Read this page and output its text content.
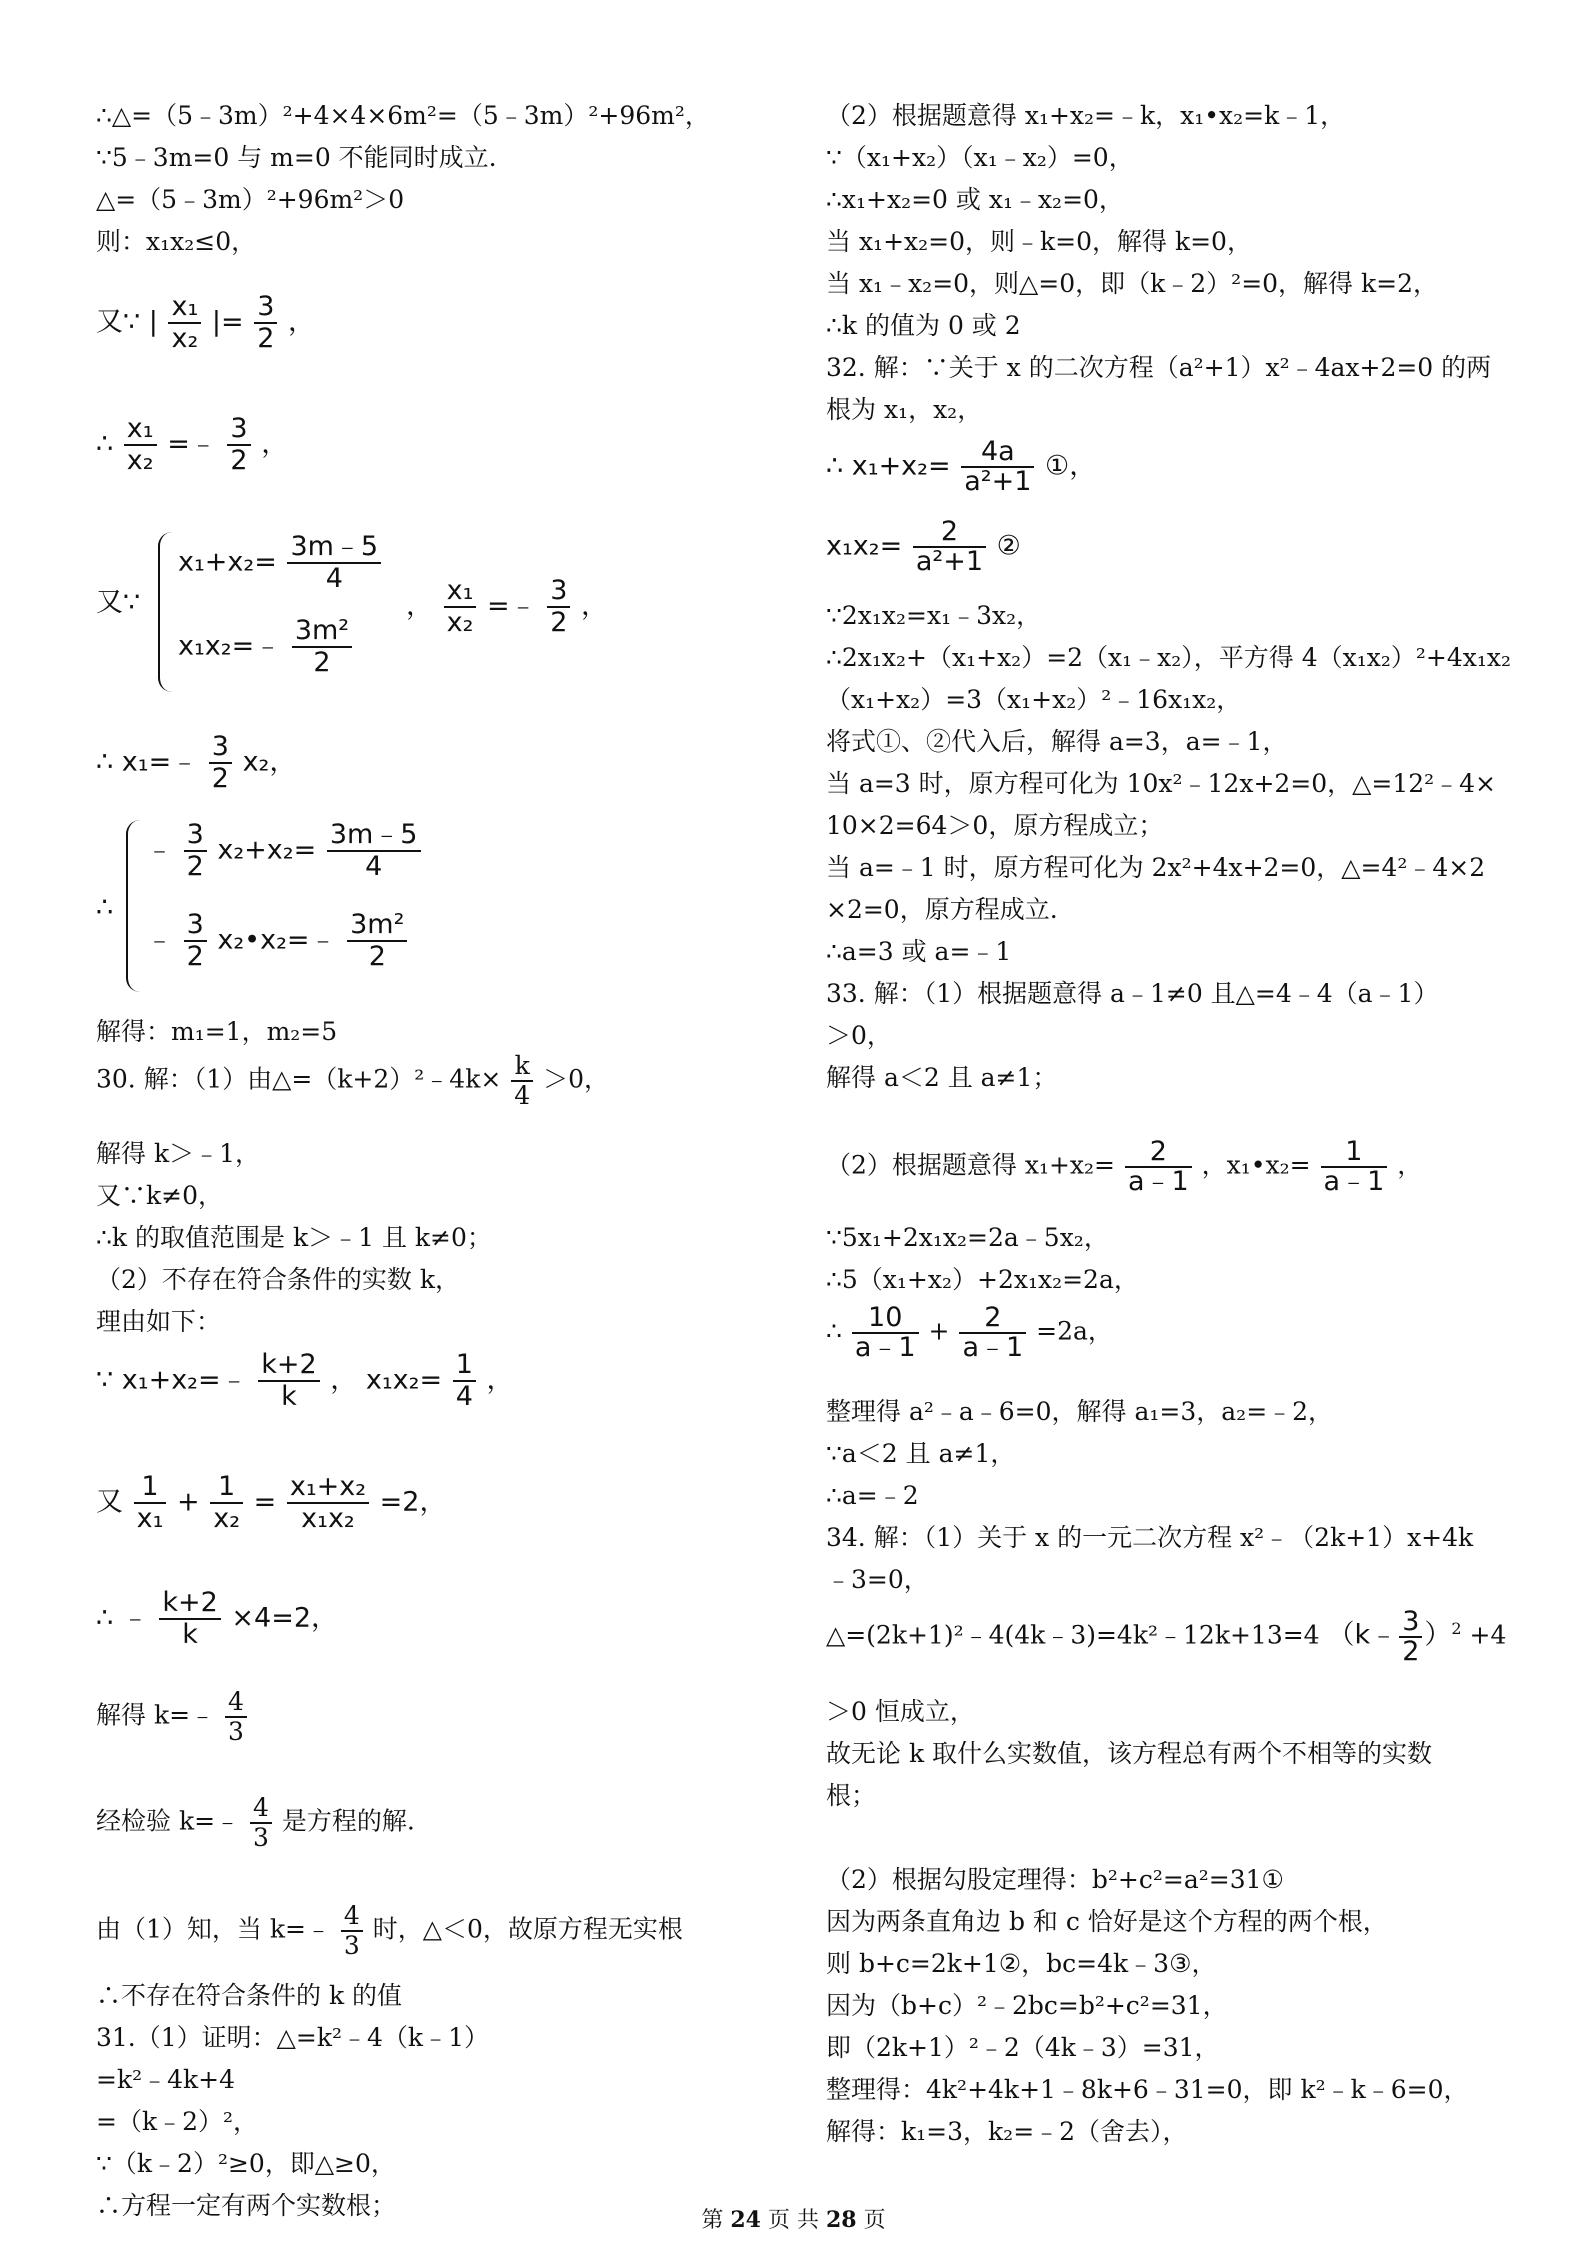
∴△=（5﹣3m）²+4×4×6m²=（5﹣3m）²+96m²，
∵5﹣3m=0 与 m=0 不能同时成立.
△=（5﹣3m）²+96m²＞0
则：x₁x₂≤0，
又∵ | $\frac{\text{x₁}}{\text{x₂}}$ |= $\frac{3}{2}$ ，
∴ $\frac{\text{x₁}}{\text{x₂}}$ =﹣ $\frac{3}{2}$ ，
又∵
$x_1+x_2= \frac{3m﹣5}{4}$
x₁x₂=﹣ $\frac{\text{3m²}}{2}$
， $\frac{\text{x₁}}{\text{x₂}}$ =﹣ $\frac{3}{2}$ ，
∴ x₁=﹣ $\frac{3}{2} x_2$，
∴
﹣ $\frac{3}{2} x_2+x_2= \frac{3m﹣5}{4}$
﹣ $\frac{3}{2}$ x₂•x₂=﹣ $\frac{\text{3m²}}{2}$
解得：m₁=1，m₂=5
30. 解：（1）由△=（k+2）²﹣4k× $\frac{k}{4} >0$，
解得 k＞﹣1，
又∵k≠0，
∴k 的取值范围是 k＞﹣1 且 k≠0；
（2）不存在符合条件的实数 k，
理由如下：
∵ x₁+x₂=﹣ $\frac{k+2}{k}$ ， $x_1x_2= \frac{1}{4}$ ，
又 $\frac{1}{\text{x₁}} + \frac{1}{\text{x₂}} = \frac{\text{x₁+x₂}}{\text{x₁x₂}} =2$，
∴ ﹣ $\frac{k+2}{k} \times 4=2$，
解得 k=﹣ $\frac{4}{3}$
经检验 k=﹣ $\frac{4}{3}$ 是方程的解.
由（1）知，当 k=﹣ $\frac{4}{3}$ 时，△＜0，故原方程无实根
∴不存在符合条件的 k 的值
31.（1）证明：△=k²﹣4（k﹣1）
=k²﹣4k+4
=（k﹣2）²，
∵（k﹣2）²≥0，即△≥0，
∴方程一定有两个实数根；
（2）根据题意得 x₁+x₂=﹣k，x₁•x₂=k﹣1，
∵（x₁+x₂）（x₁﹣x₂）=0，
∴x₁+x₂=0 或 x₁﹣x₂=0，
当 x₁+x₂=0，则﹣k=0，解得 k=0，
当 x₁﹣x₂=0，则△=0，即（k﹣2）²=0，解得 k=2，
∴k 的值为 0 或 2
32. 解：∵关于 x 的二次方程（a²+1）x²﹣4ax+2=0 的两
根为 x₁，x₂，
∴ $x_1+x_2= \frac{4a}{\text{a²+1}}$ ①，
$x_1x_2= \frac{2}{\text{a²+1}}$ ②
∵2x₁x₂=x₁﹣3x₂，
∴2x₁x₂+（x₁+x₂）=2（x₁﹣x₂），平方得 4（x₁x₂）²+4x₁x₂
（x₁+x₂）=3（x₁+x₂）²﹣16x₁x₂，
将式①、②代入后，解得 a=3，a=﹣1，
当 a=3 时，原方程可化为 10x²﹣12x+2=0，△=12²﹣4×
10×2=64＞0，原方程成立；
当 a=﹣1 时，原方程可化为 2x²+4x+2=0，△=4²﹣4×2
×2=0，原方程成立.
∴a=3 或 a=﹣1
33. 解：（1）根据题意得 a﹣1≠0 且△=4﹣4（a﹣1）
＞0，
解得 a＜2 且 a≠1；
（2）根据题意得 $x_1+x_2= \frac{2}{a﹣1}$ ，x₁•x₂= $\frac{1}{a﹣1}$ ，
∵5x₁+2x₁x₂=2a﹣5x₂，
∴5（x₁+x₂）+2x₁x₂=2a，
∴ $\frac{10}{a﹣1} + \frac{2}{a﹣1} =2a$，
整理得 a²﹣a﹣6=0，解得 a₁=3，a₂=﹣2，
∵a＜2 且 a≠1，
∴a=﹣2
34. 解：（1）关于 x 的一元二次方程 x²﹣（2k+1）x+4k
﹣3=0，
△=(2k+1)²﹣4(4k﹣3)=4k²﹣12k+13=4 （k﹣ $\frac{3}{2} )^2 +4$
＞0 恒成立，
故无论 k 取什么实数值，该方程总有两个不相等的实数
根；
（2）根据勾股定理得：b²+c²=a²=31①
因为两条直角边 b 和 c 恰好是这个方程的两个根，
则 b+c=2k+1②，bc=4k﹣3③，
因为（b+c）²﹣2bc=b²+c²=31，
即（2k+1）²﹣2（4k﹣3）=31，
整理得：4k²+4k+1﹣8k+6﹣31=0，即 k²﹣k﹣6=0，
解得：k₁=3，k₂=﹣2（舍去），
第 24 页 共 28 页
